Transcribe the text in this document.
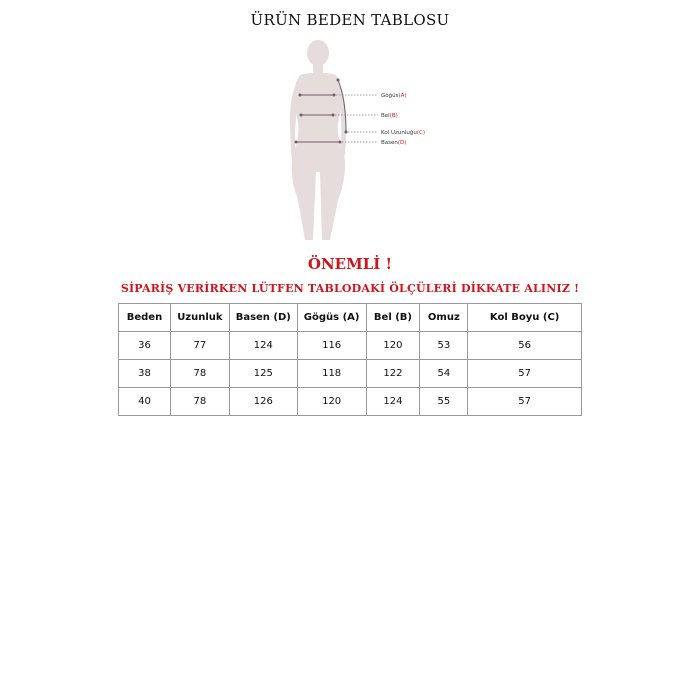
ÜRÜN BEDEN TABLOSU
Göğüs(A)
Bel(B)
Kol Uzunluğu(C)
Basen(D)
ÖNEMLİ !
SİPARİŞ VERİRKEN LÜTFEN TABLODAKİ ÖLÇÜLERİ DİKKATE ALINIZ !
Beden	Uzunluk	Basen (D)	Gögüs (A)	Bel (B)	Omuz	Kol Boyu (C)
36	77	124	116	120	53	56
38	78	125	118	122	54	57
40	78	126	120	124	55	57
